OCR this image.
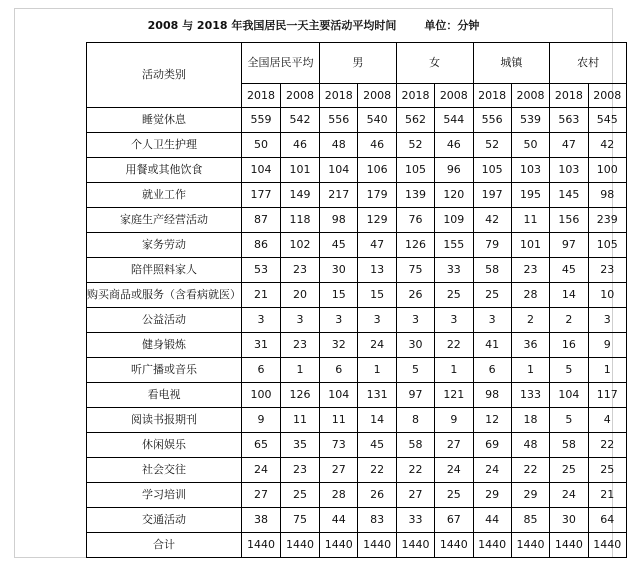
2008 与 2018 年我国居民一天主要活动平均时间	单位：分钟
活动类别	全国居民平均		男		女		城镇		农村	
	2018	2008	2018	2008	2018	2008	2018	2008	2018	2008
睡觉休息	559	542	556	540	562	544	556	539	563	545
个人卫生护理	50	46	48	46	52	46	52	50	47	42
用餐或其他饮食	104	101	104	106	105	96	105	103	103	100
就业工作	177	149	217	179	139	120	197	195	145	98
家庭生产经营活动	87	118	98	129	76	109	42	11	156	239
家务劳动	86	102	45	47	126	155	79	101	97	105
陪伴照料家人	53	23	30	13	75	33	58	23	45	23
购买商品或服务（含看病就医）	21	20	15	15	26	25	25	28	14	10
公益活动	3	3	3	3	3	3	3	2	2	3
健身锻炼	31	23	32	24	30	22	41	36	16	9
听广播或音乐	6	1	6	1	5	1	6	1	5	1
看电视	100	126	104	131	97	121	98	133	104	117
阅读书报期刊	9	11	11	14	8	9	12	18	5	4
休闲娱乐	65	35	73	45	58	27	69	48	58	22
社会交往	24	23	27	22	22	24	24	22	25	25
学习培训	27	25	28	26	27	25	29	29	24	21
交通活动	38	75	44	83	33	67	44	85	30	64
合计	1440	1440	1440	1440	1440	1440	1440	1440	1440	1440
